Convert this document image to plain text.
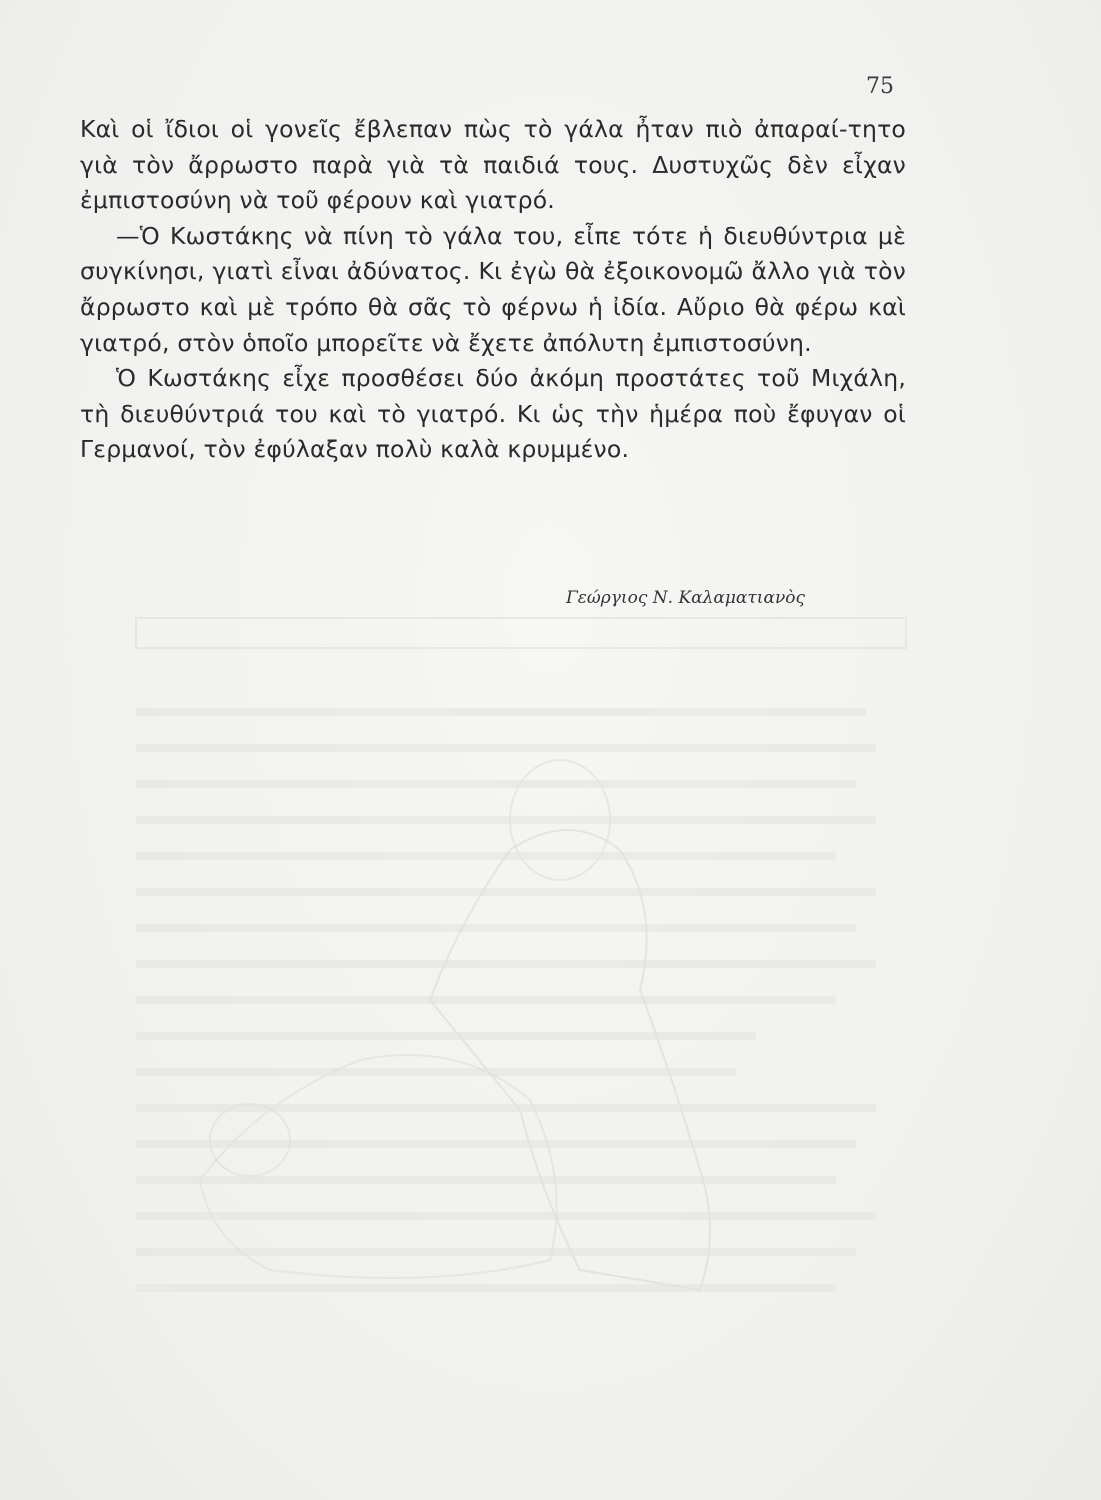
75

Καὶ οἱ ἴδιοι οἱ γονεῖς ἔβλεπαν πὼς τὸ γάλα ἦταν πιὸ ἀπαραί-τητο γιὰ τὸν ἄρρωστο παρὰ γιὰ τὰ παιδιά τους. Δυστυχῶς δὲν εἶχαν ἐμπιστοσύνη νὰ τοῦ φέρουν καὶ γιατρό.

—Ὁ Κωστάκης νὰ πίνη τὸ γάλα του, εἶπε τότε ἡ διευθύντρια μὲ συγκίνησι, γιατὶ εἶναι ἀδύνατος. Κι ἐγὼ θὰ ἐξοικονομῶ ἄλλο γιὰ τὸν ἄρρωστο καὶ μὲ τρόπο θὰ σᾶς τὸ φέρνω ἡ ἰδία. Αὔριο θὰ φέρω καὶ γιατρό, στὸν ὁποῖο μπορεῖτε νὰ ἔχετε ἀπόλυτη ἐμπιστοσύνη.

Ὁ Κωστάκης εἶχε προσθέσει δύο ἀκόμη προστάτες τοῦ Μιχάλη, τὴ διευθύντριά του καὶ τὸ γιατρό. Κι ὡς τὴν ἡμέρα ποὺ ἔφυγαν οἱ Γερμανοί, τὸν ἐφύλαξαν πολὺ καλὰ κρυμμένο.

Γεώργιος Ν. Καλαματιανὸς
